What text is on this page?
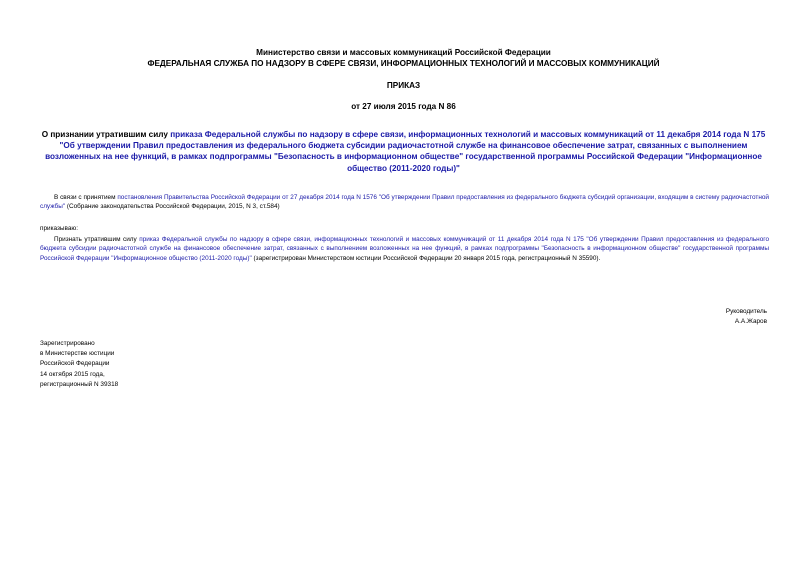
Министерство связи и массовых коммуникаций Российской Федерации
ФЕДЕРАЛЬНАЯ СЛУЖБА ПО НАДЗОРУ В СФЕРЕ СВЯЗИ, ИНФОРМАЦИОННЫХ ТЕХНОЛОГИЙ И МАССОВЫХ КОММУНИКАЦИЙ
ПРИКАЗ
от 27 июля 2015 года N 86
О признании утратившим силу приказа Федеральной службы по надзору в сфере связи, информационных технологий и массовых коммуникаций от 11 декабря 2014 года N 175 "Об утверждении Правил предоставления из федерального бюджета субсидии радиочастотной службе на финансовое обеспечение затрат, связанных с выполнением возложенных на нее функций, в рамках подпрограммы "Безопасность в информационном обществе" государственной программы Российской Федерации "Информационное общество (2011-2020 годы)"
В связи с принятием постановления Правительства Российской Федерации от 27 декабря 2014 года N 1576 "Об утверждении Правил предоставления из федерального бюджета субсидий организации, входящим в систему радиочастотной службы" (Собрание законодательства Российской Федерации, 2015, N 3, ст.584)
приказываю:
Признать утратившим силу приказ Федеральной службы по надзору в сфере связи, информационных технологий и массовых коммуникаций от 11 декабря 2014 года N 175 "Об утверждении Правил предоставления из федерального бюджета субсидии радиочастотной службе на финансовое обеспечение затрат, связанных с выполнением возложенных на нее функций, в рамках подпрограммы "Безопасность в информационном обществе" государственной программы Российской Федерации "Информационное общество (2011-2020 годы)" (зарегистрирован Министерством юстиции Российской Федерации 20 января 2015 года, регистрационный N 35590).
Руководитель
А.А.Жаров
Зарегистрировано
в Министерстве юстиции
Российской Федерации
14 октября 2015 года,
регистрационный N 39318
